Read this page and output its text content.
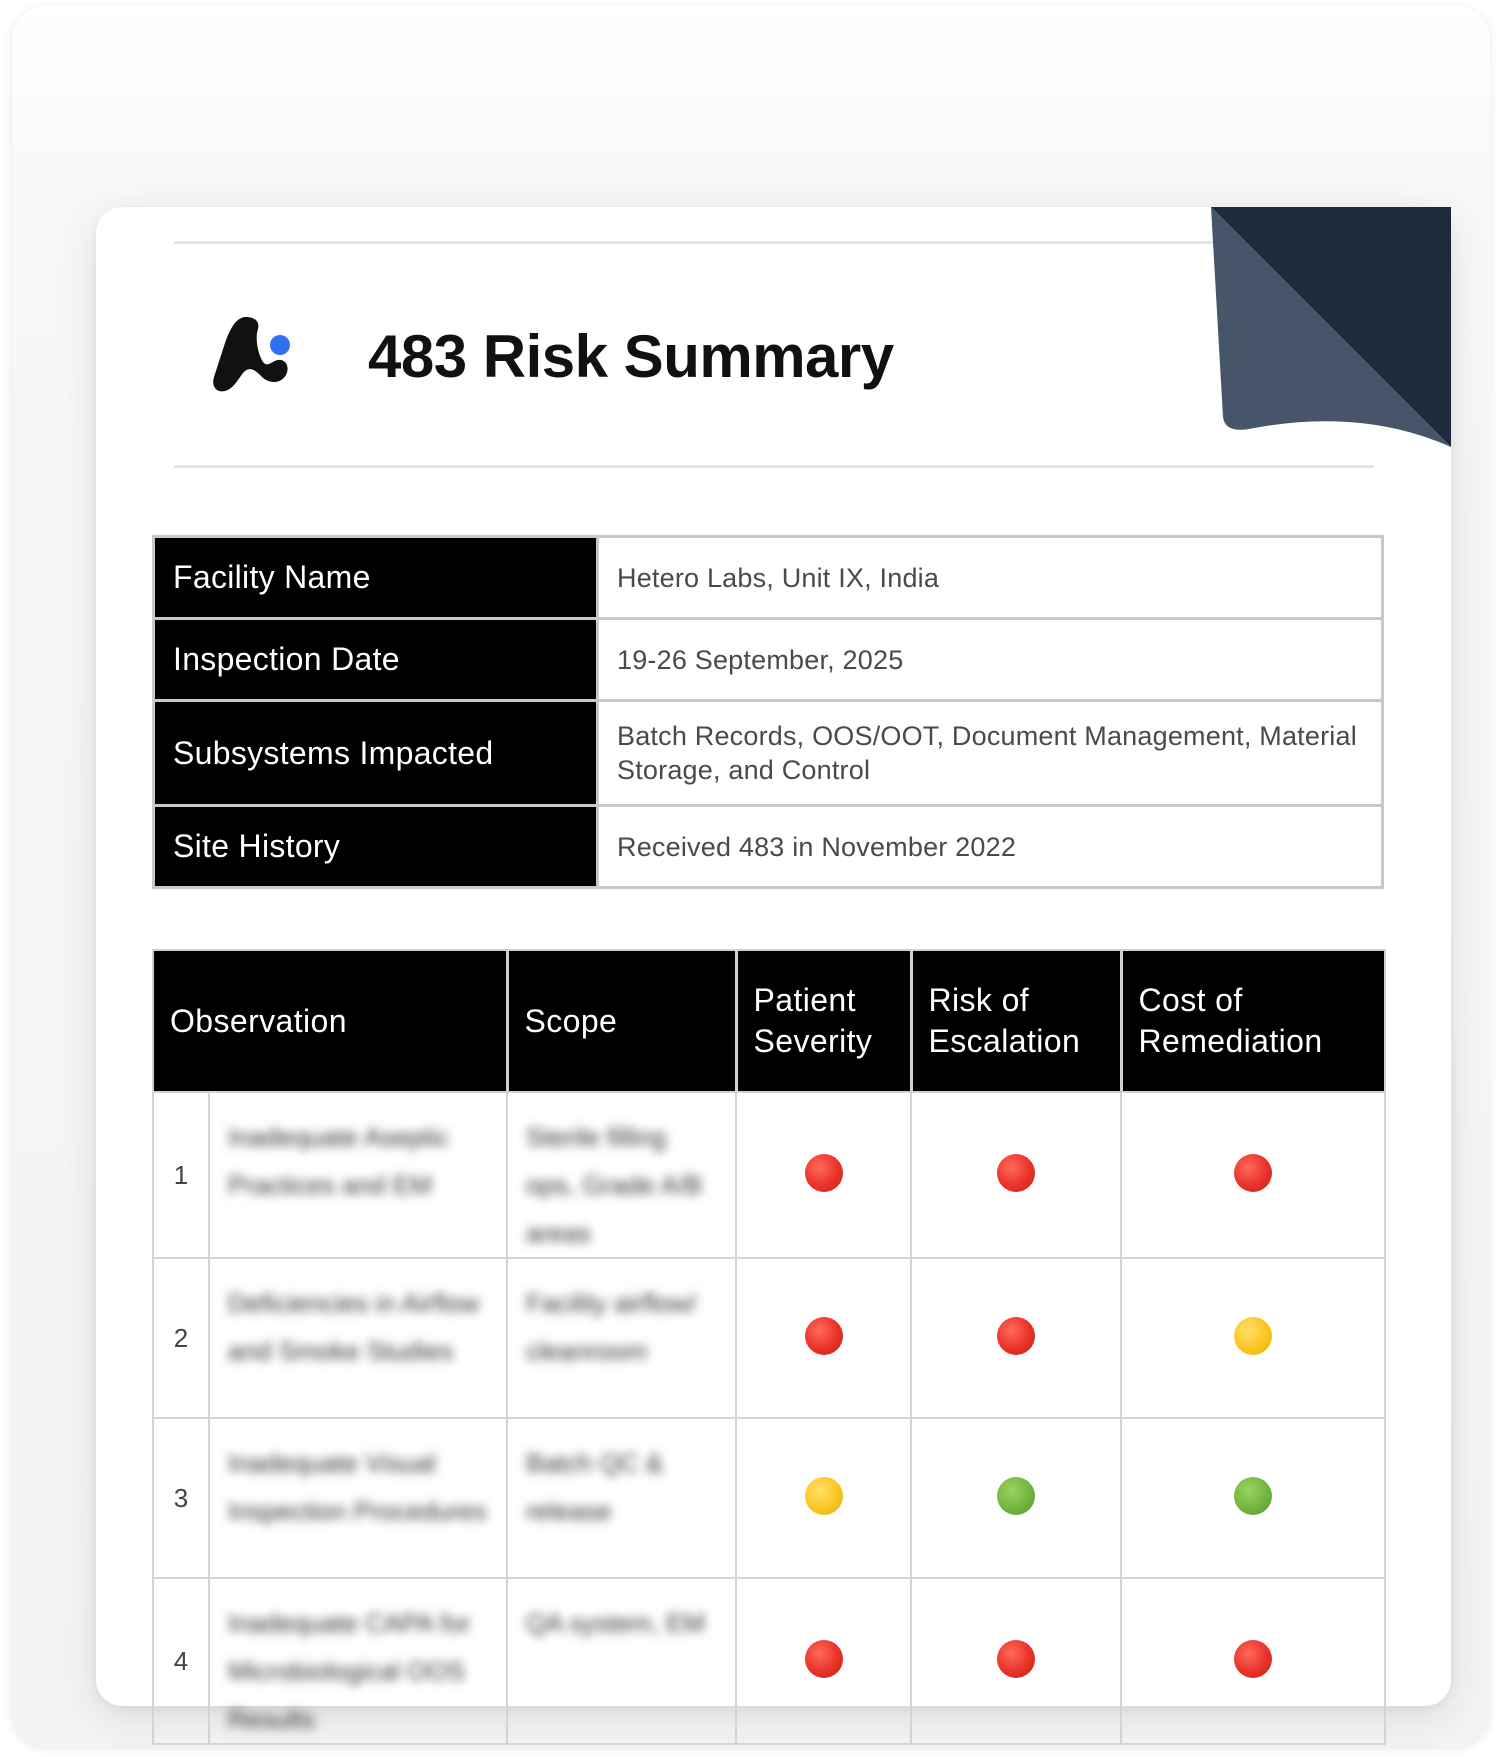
483 Risk Summary
Facility Name	Hetero Labs, Unit IX, India
Inspection Date	19-26 September, 2025
Subsystems Impacted	Batch Records, OOS/OOT, Document Management, Material Storage, and Control
Site History	Received 483 in November 2022
Observation		Scope	Patient Severity	Risk of Escalation	Cost of Remediation
1	Inadequate Aseptic Practices and EM	Sterile filling ops, Grade A/B areas			
2	Deficiencies in Airflow and Smoke Studies	Facility airflow/ cleanroom			
3	Inadequate Visual Inspection Procedures	Batch QC & release			
4	Inadequate CAPA for Microbiological OOS Results	QA system, EM			
